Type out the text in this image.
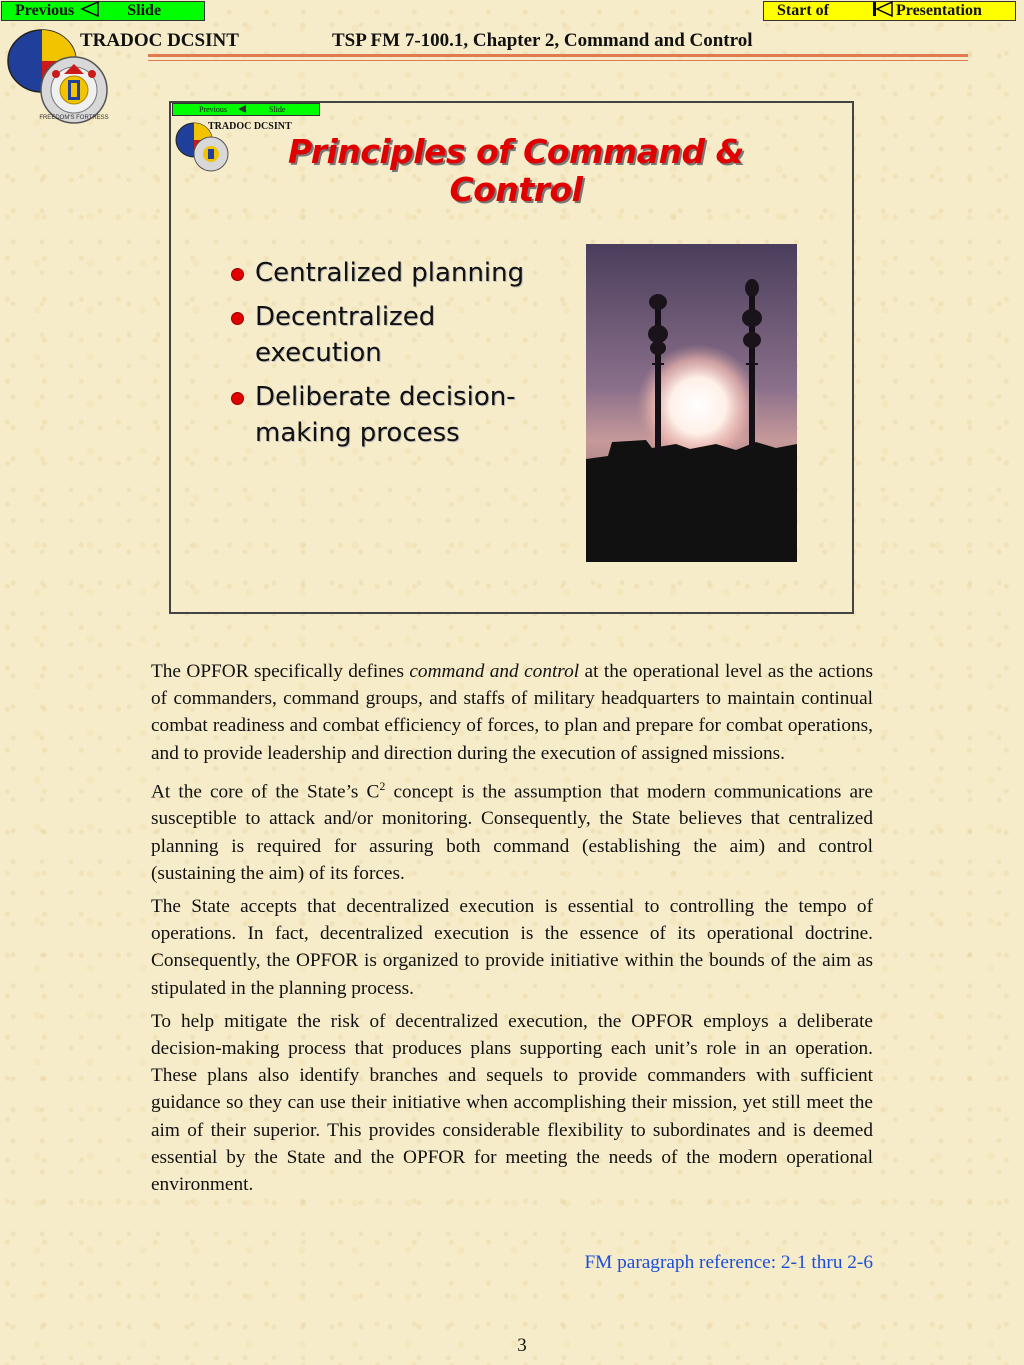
Previous	Slide	Start of	Presentation
FREEDOM'S FORTRESS
TRADOC DCSINT	TSP FM 7-100.1, Chapter 2, Command and Control
Previous	Slide
TRADOC DCSINT
Principles of Command & Control
Centralized planning
Decentralized execution
Deliberate decision-making process

The OPFOR specifically defines command and control at the operational level as the actions of commanders, command groups, and staffs of military headquarters to maintain continual combat readiness and combat efficiency of forces, to plan and prepare for combat operations, and to provide leadership and direction during the execution of assigned missions.

At the core of the State’s $C^2$ concept is the assumption that modern communications are susceptible to attack and/or monitoring. Consequently, the State believes that centralized planning is required for assuring both command (establishing the aim) and control (sustaining the aim) of its forces.

The State accepts that decentralized execution is essential to controlling the tempo of operations. In fact, decentralized execution is the essence of its operational doctrine. Consequently, the OPFOR is organized to provide initiative within the bounds of the aim as stipulated in the planning process.

To help mitigate the risk of decentralized execution, the OPFOR employs a deliberate decision-making process that produces plans supporting each unit’s role in an operation. These plans also identify branches and sequels to provide commanders with sufficient guidance so they can use their initiative when accomplishing their mission, yet still meet the aim of their superior. This provides considerable flexibility to subordinates and is deemed essential by the State and the OPFOR for meeting the needs of the modern operational environment.

FM paragraph reference: 2-1 thru 2-6
3
